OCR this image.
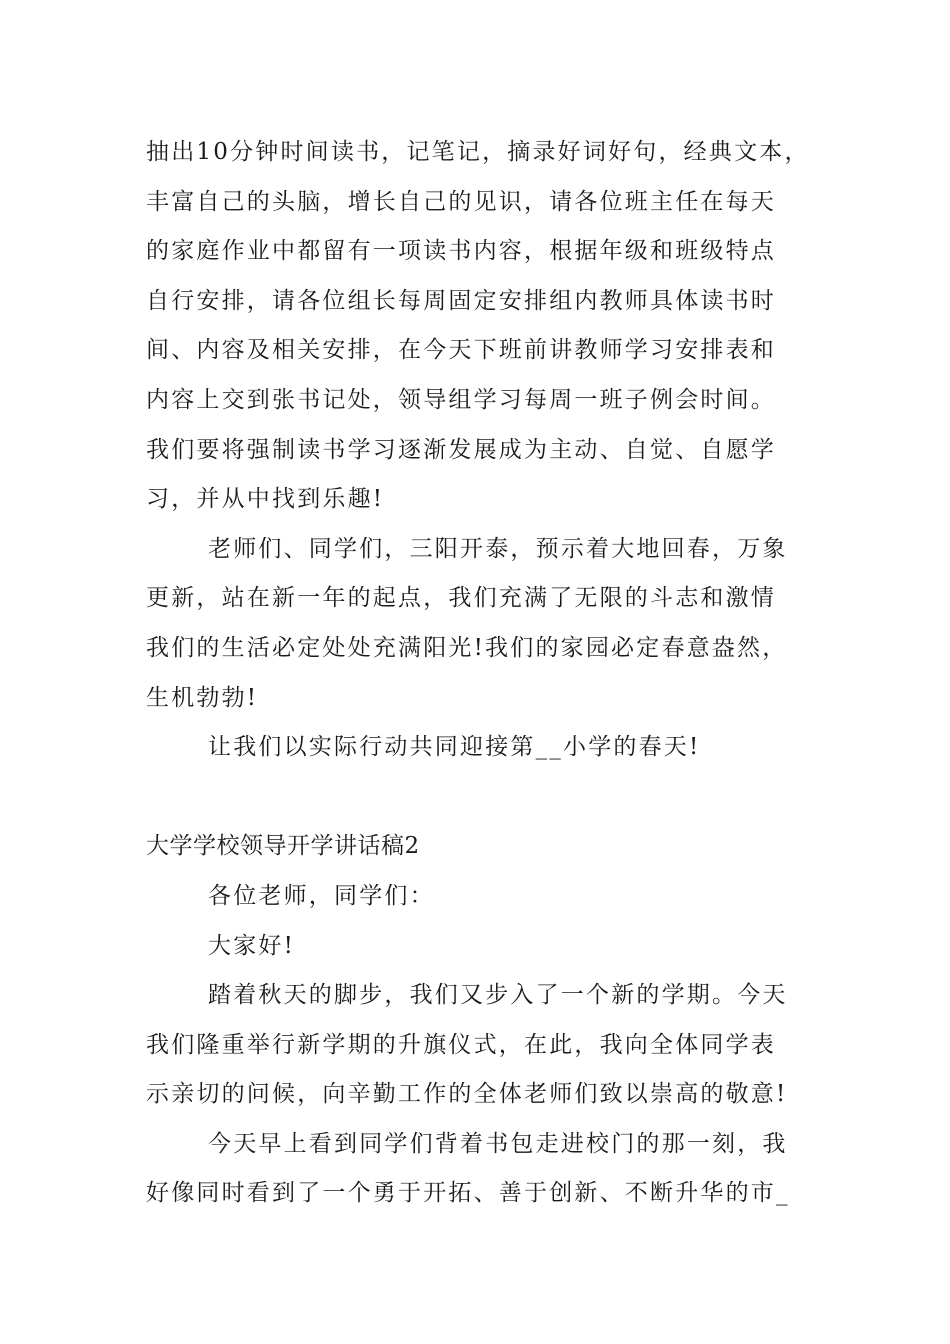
抽出10分钟时间读书，记笔记，摘录好词好句，经典文本，
丰富自己的头脑，增长自己的见识，请各位班主任在每天
的家庭作业中都留有一项读书内容，根据年级和班级特点
自行安排，请各位组长每周固定安排组内教师具体读书时
间、内容及相关安排，在今天下班前讲教师学习安排表和
内容上交到张书记处，领导组学习每周一班子例会时间。
我们要将强制读书学习逐渐发展成为主动、自觉、自愿学
习，并从中找到乐趣!
老师们、同学们，三阳开泰，预示着大地回春，万象
更新，站在新一年的起点，我们充满了无限的斗志和激情
我们的生活必定处处充满阳光!我们的家园必定春意盎然，
生机勃勃!
让我们以实际行动共同迎接第__小学的春天!
大学学校领导开学讲话稿2
各位老师，同学们：
大家好!
踏着秋天的脚步，我们又步入了一个新的学期。今天
我们隆重举行新学期的升旗仪式，在此，我向全体同学表
示亲切的问候，向辛勤工作的全体老师们致以崇高的敬意!
今天早上看到同学们背着书包走进校门的那一刻，我
好像同时看到了一个勇于开拓、善于创新、不断升华的市_
